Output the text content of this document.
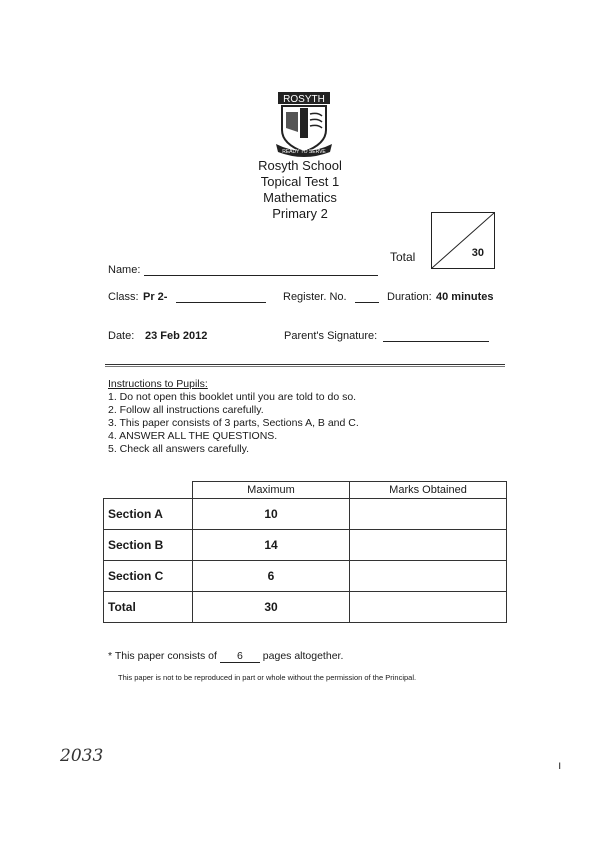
ROSYTH
READY TO SERVE
Rosyth School
Topical Test 1
Mathematics
Primary 2
Total	30
Name:
Class: Pr 2-	Register. No.	Duration: 40 minutes
Date: 23 Feb 2012	Parent's Signature:
Instructions to Pupils:
1. Do not open this booklet until you are told to do so.
2. Follow all instructions carefully.
3. This paper consists of 3 parts, Sections A, B and C.
4. ANSWER ALL THE QUESTIONS.
5. Check all answers carefully.
	Maximum	Marks Obtained
Section A	10	
Section B	14	
Section C	6	
Total	30	
* This paper consists of 6 pages altogether.
This paper is not to be reproduced in part or whole without the permission of the Principal.
2033	ı
